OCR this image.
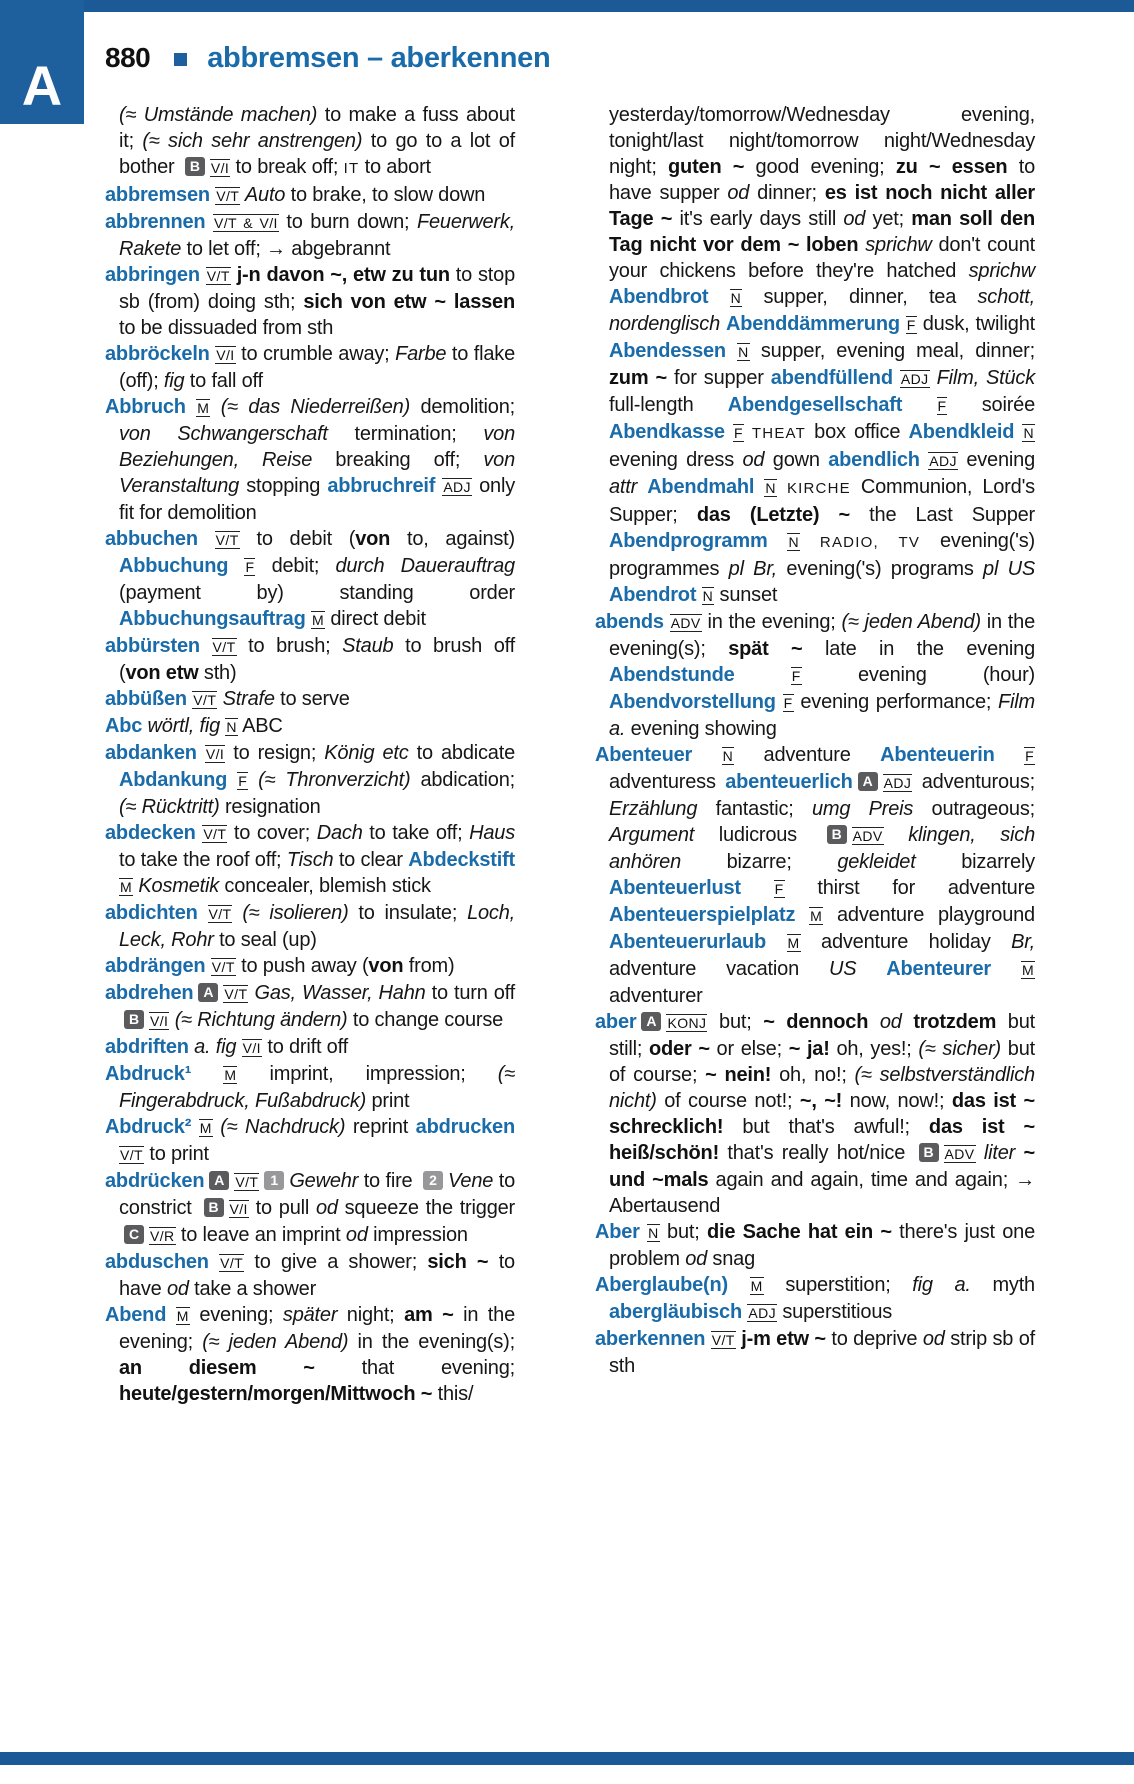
A 880 abbremsen – aberkennen

(≈ Umstände machen) to make a fuss about it; (≈ sich sehr anstrengen) to go to a lot of bother B V/I to break off; IT to abort

abbremsen V/T Auto to brake, to slow down

abbrennen V/T & V/I to burn down; Feuerwerk, Rakete to let off; → abgebrannt

abbringen V/T j-n davon ~, etw zu tun to stop sb (from) doing sth; sich von etw ~ lassen to be dissuaded from sth

abbröckeln V/I to crumble away; Farbe to flake (off); fig to fall off

Abbruch M (≈ das Niederreißen) demolition; von Schwangerschaft termination; von Beziehungen, Reise breaking off; von Veranstaltung stopping abbruchreif ADJ only fit for demolition

abbuchen V/T to debit (von to, against) Abbuchung F debit; durch Dauerauftrag (payment by) standing order Abbuchungsauftrag M direct debit

abbürsten V/T to brush; Staub to brush off (von etw sth)

abbüßen V/T Strafe to serve

Abc wörtl, fig N ABC

abdanken V/I to resign; König etc to abdicate Abdankung F (≈ Thronverzicht) abdication; (≈ Rücktritt) resignation

abdecken V/T to cover; Dach to take off; Haus to take the roof off; Tisch to clear Abdeckstift M Kosmetik concealer, blemish stick

abdichten V/T (≈ isolieren) to insulate; Loch, Leck, Rohr to seal (up)

abdrängen V/T to push away (von from)

abdrehen A V/T Gas, Wasser, Hahn to turn off B V/I (≈ Richtung ändern) to change course

abdriften a. fig V/I to drift off

Abdruck¹ M imprint, impression; (≈ Fingerabdruck, Fußabdruck) print

Abdruck² M (≈ Nachdruck) reprint abdrucken V/T to print

abdrücken A V/T 1 Gewehr to fire 2 Vene to constrict B V/I to pull od squeeze the trigger C V/R to leave an imprint od impression

abduschen V/T to give a shower; sich ~ to have od take a shower

Abend M evening; später night; am ~ in the evening; (≈ jeden Abend) in the evening(s); an diesem ~ that evening; heute/gestern/morgen/Mittwoch ~ this/

yesterday/tomorrow/Wednesday evening, tonight/last night/tomorrow night/Wednesday night; guten ~ good evening; zu ~ essen to have supper od dinner; es ist noch nicht aller Tage ~ it's early days still od yet; man soll den Tag nicht vor dem ~ loben sprichw don't count your chickens before they're hatched sprichw Abendbrot N supper, dinner, tea schott, nordenglisch Abenddämmerung F dusk, twilight Abendessen N supper, evening meal, dinner; zum ~ for supper abendfüllend ADJ Film, Stück full-length Abendgesellschaft F soirée Abendkasse F THEAT box office Abendkleid N evening dress od gown abendlich ADJ evening attr Abendmahl N KIRCHE Communion, Lord's Supper; das (Letzte) ~ the Last Supper Abendprogramm N RADIO, TV evening('s) programmes pl Br, evening('s) programs pl US Abendrot N sunset

abends ADV in the evening; (≈ jeden Abend) in the evening(s); spät ~ late in the evening Abendstunde F evening (hour) Abendvorstellung F evening performance; Film a. evening showing

Abenteuer N adventure Abenteuerin F adventuress abenteuerlich A ADJ adventurous; Erzählung fantastic; umg Preis outrageous; Argument ludicrous B ADV klingen, sich anhören bizarre; gekleidet bizarrely Abenteuerlust F thirst for adventure Abenteuerspielplatz M adventure playground Abenteuerurlaub M adventure holiday Br, adventure vacation US Abenteurer M adventurer

aber A KONJ but; ~ dennoch od trotzdem but still; oder ~ or else; ~ ja! oh, yes!; (≈ sicher) but of course; ~ nein! oh, no!; (≈ selbstverständlich nicht) of course not!; ~, ~! now, now!; das ist ~ schrecklich! but that's awful!; das ist ~ heiß/schön! that's really hot/nice B ADV liter ~ und ~mals again and again, time and again; → Abertausend

Aber N but; die Sache hat ein ~ there's just one problem od snag

Aberglaube(n) M superstition; fig a. myth abergläubisch ADJ superstitious

aberkennen V/T j-m etw ~ to deprive od strip sb of sth
